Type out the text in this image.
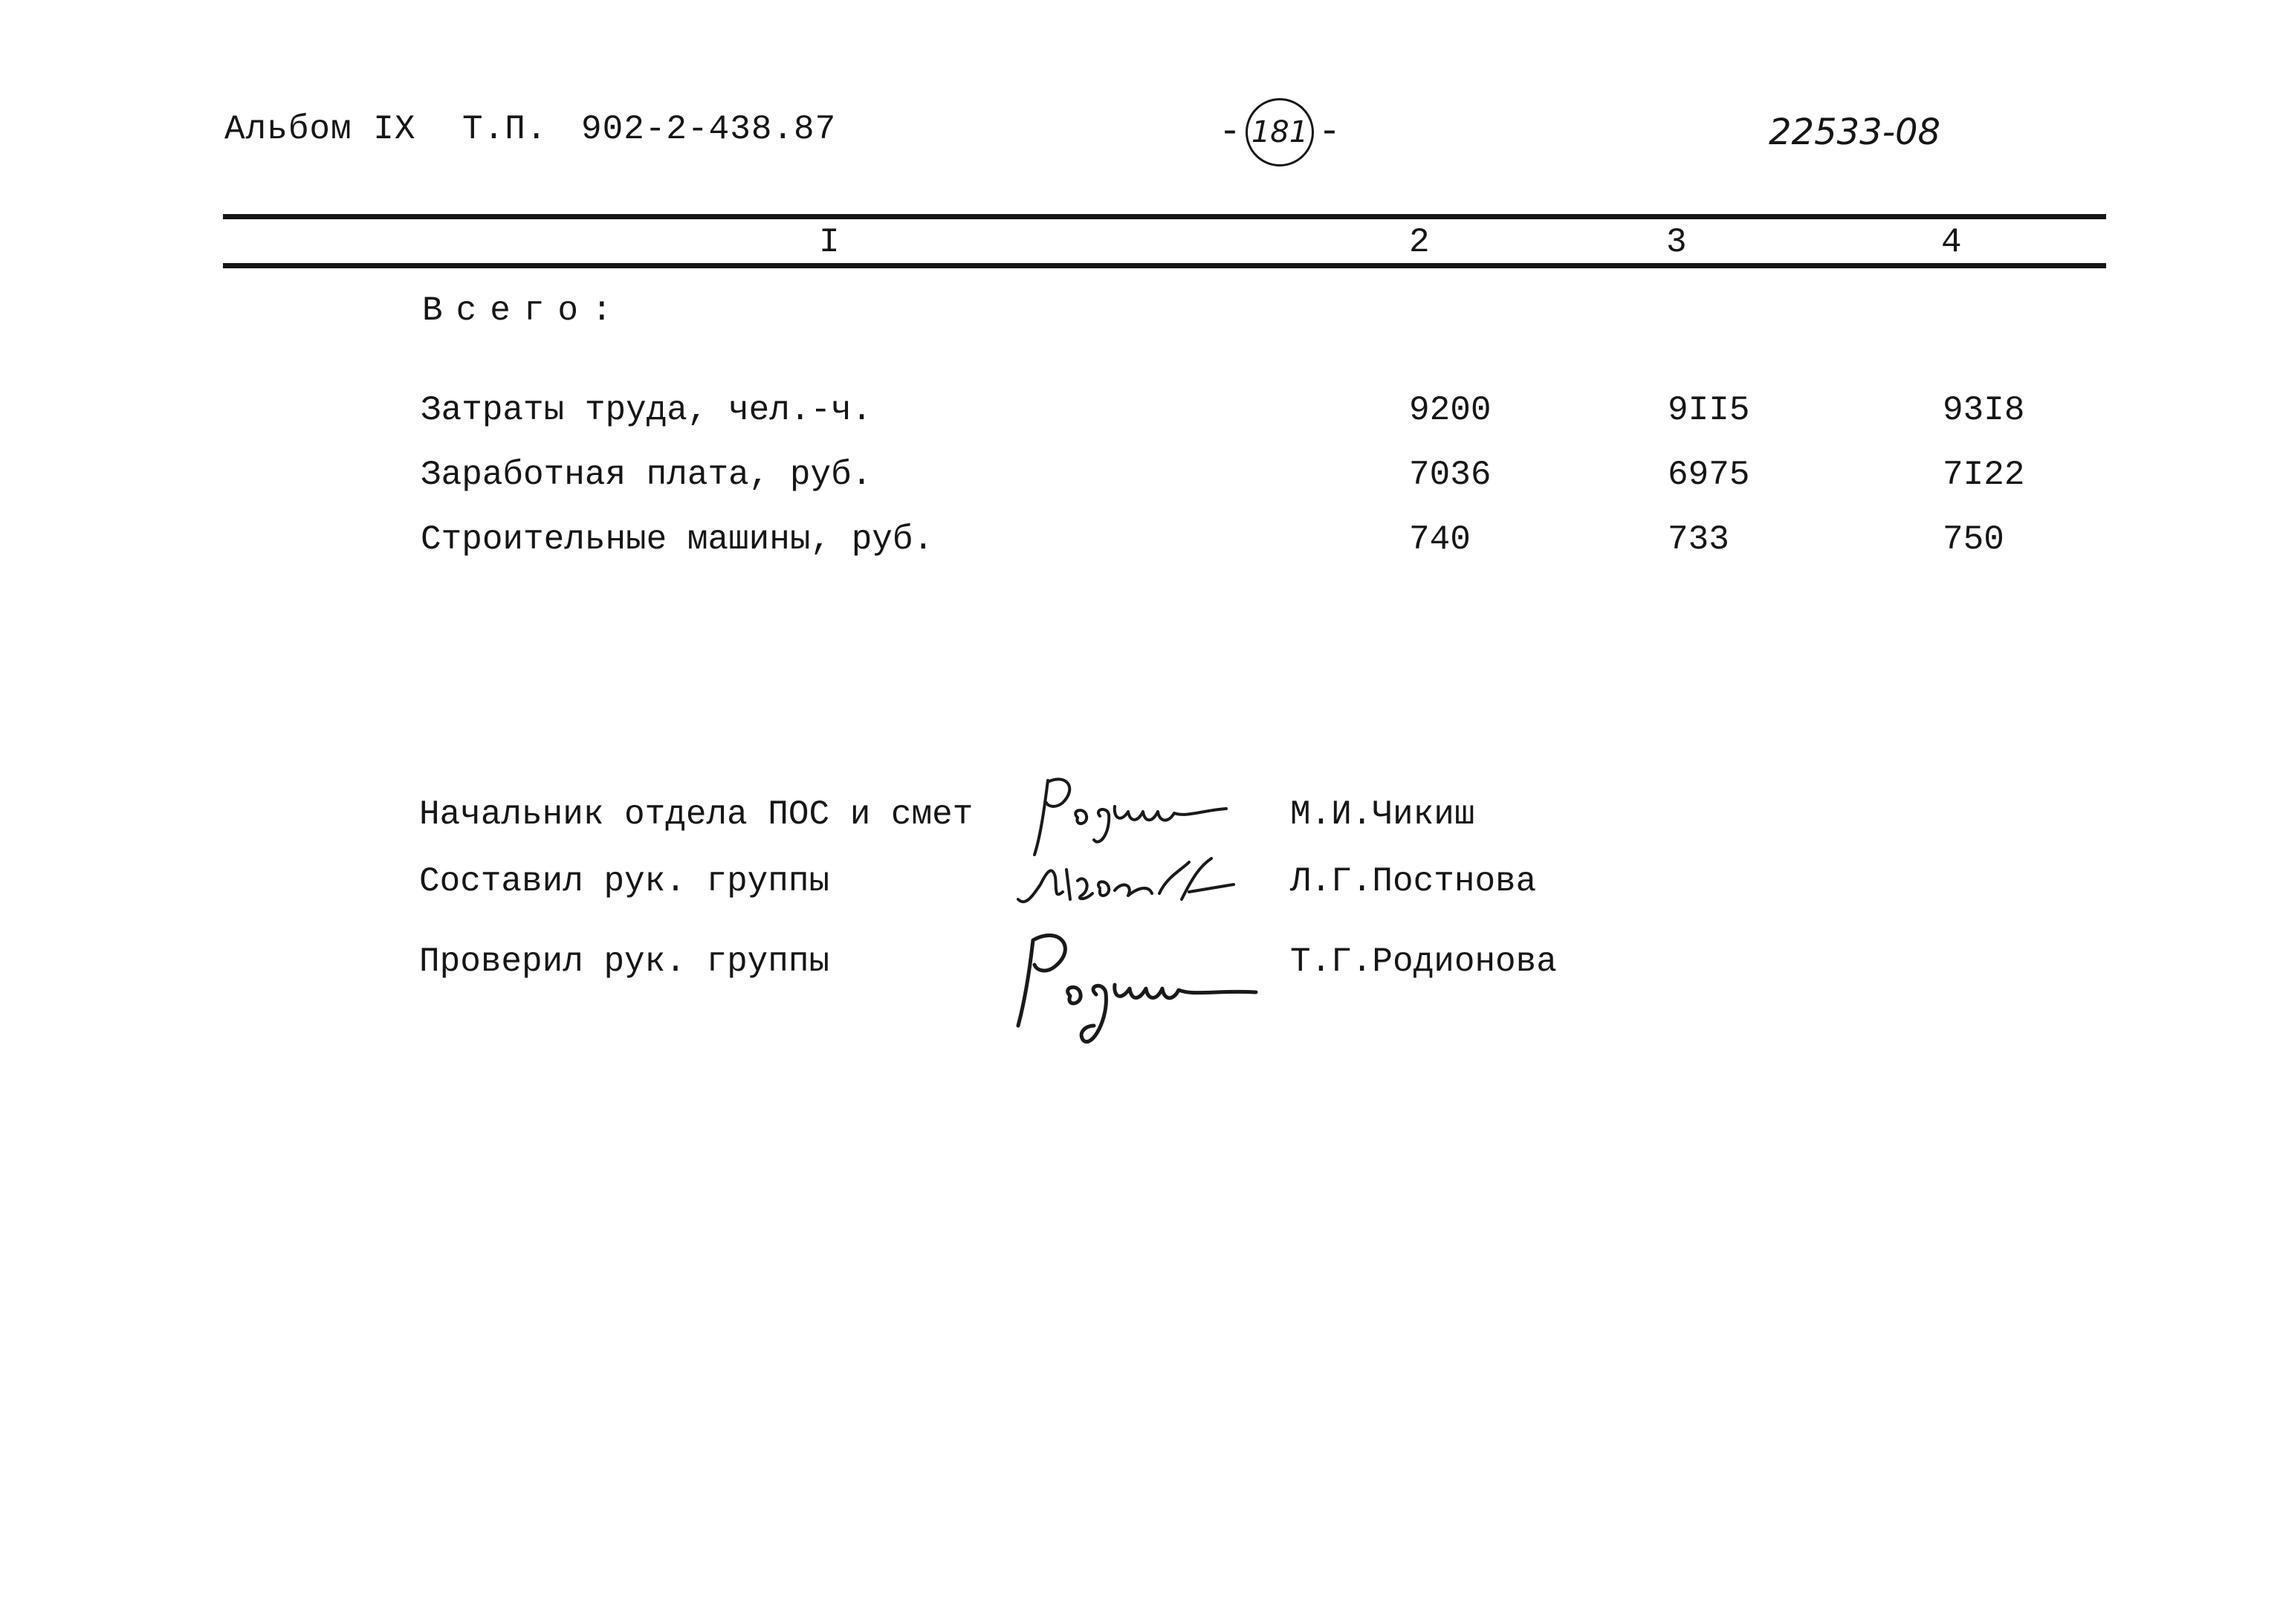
Альбом IX Т.П. 902-2-438.87	- 181 -	22533-08
I	2	3	4
Всего:
Затраты труда, чел.-ч.	9200	9II5	93I8
Заработная плата, руб.	7036	6975	7I22
Строительные машины, руб.	740	733	750
Начальник отдела ПОС и смет	М.И.Чикиш
Составил рук. группы	Л.Г.Постнова
Проверил рук. группы	Т.Г.Родионова
